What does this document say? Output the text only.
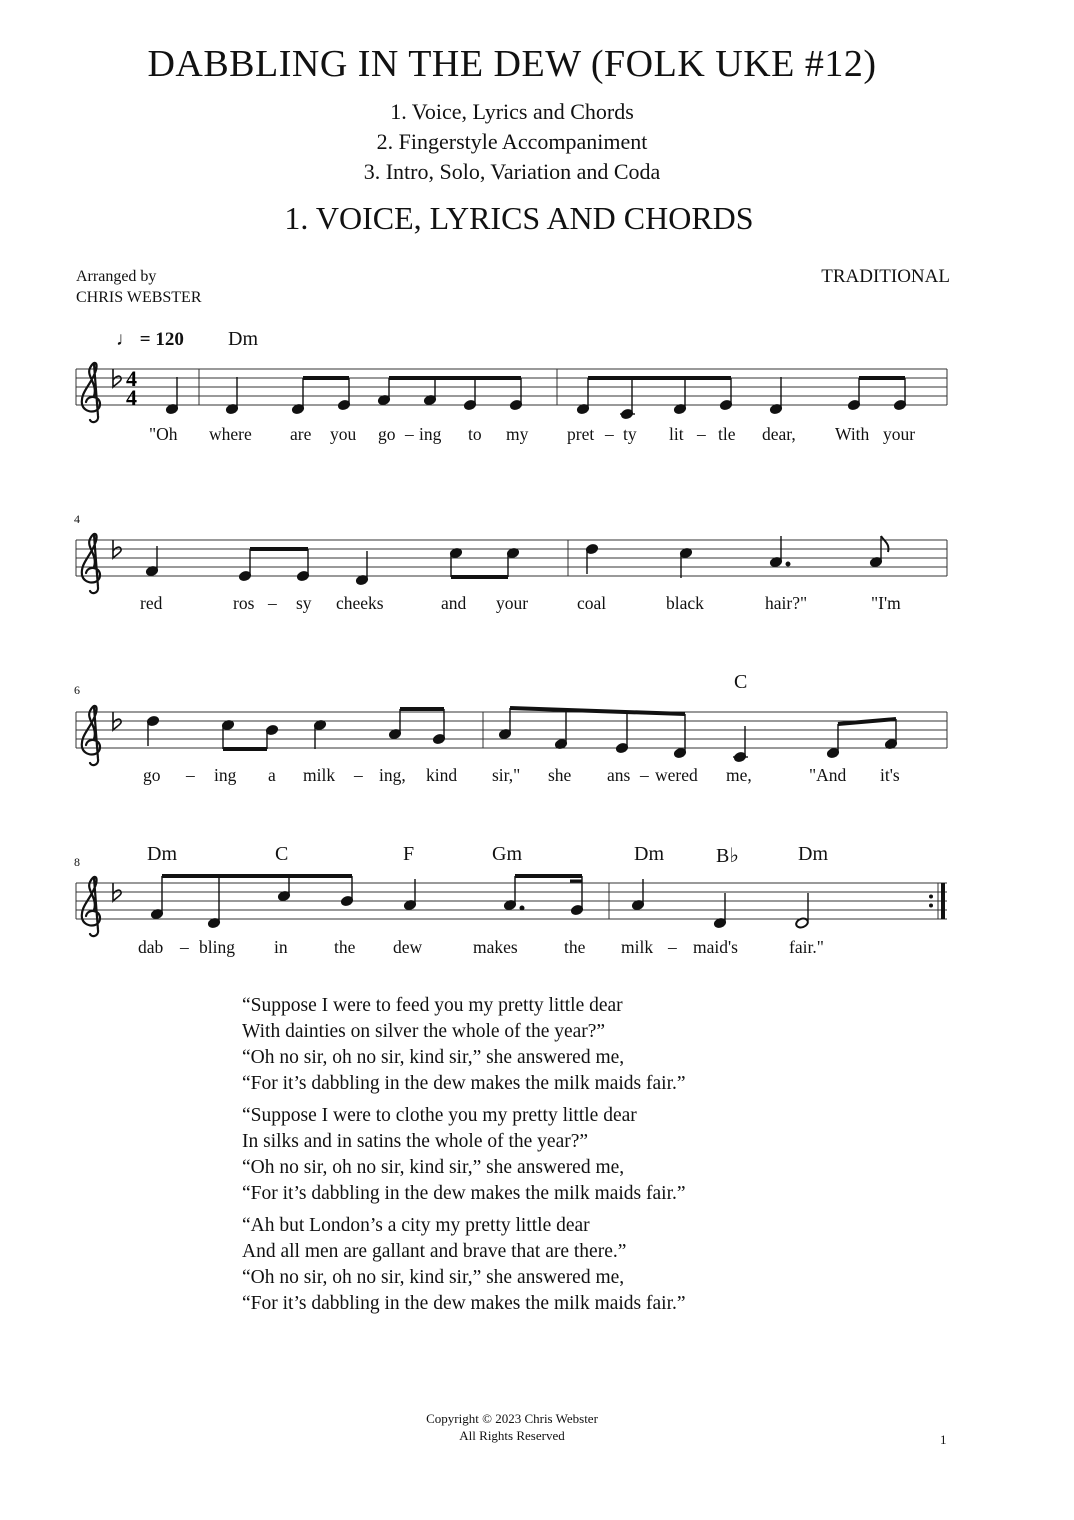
DABBLING IN THE DEW (FOLK UKE #12)
1. Voice, Lyrics and Chords
2. Fingerstyle Accompaniment
3. Intro, Solo, Variation and Coda
1. VOICE, LYRICS AND CHORDS
Arranged by
CHRIS WEBSTER
TRADITIONAL
4
4
♩ = 120 Dm
C
Dm	C	F	Gm	Dm	B♭	Dm
4
6
8
"Oh where are you go – ing to my pret – ty lit – tle dear, With your
red	ros – sy cheeks	and your	coal	black	hair?"	"I'm
go – ing a milk – ing, kind sir," she ans – wered me,	"And it's
dab – bling in	the dew	makes	the milk – maid's	fair."
“Suppose I were to feed you my pretty little dear
With dainties on silver the whole of the year?”
“Oh no sir, oh no sir, kind sir,” she answered me,
“For it’s dabbling in the dew makes the milk maids fair.”
“Suppose I were to clothe you my pretty little dear
In silks and in satins the whole of the year?”
“Oh no sir, oh no sir, kind sir,” she answered me,
“For it’s dabbling in the dew makes the milk maids fair.”
“Ah but London’s a city my pretty little dear
And all men are gallant and brave that are there.”
“Oh no sir, oh no sir, kind sir,” she answered me,
“For it’s dabbling in the dew makes the milk maids fair.”
Copyright © 2023 Chris Webster
All Rights Reserved	1
